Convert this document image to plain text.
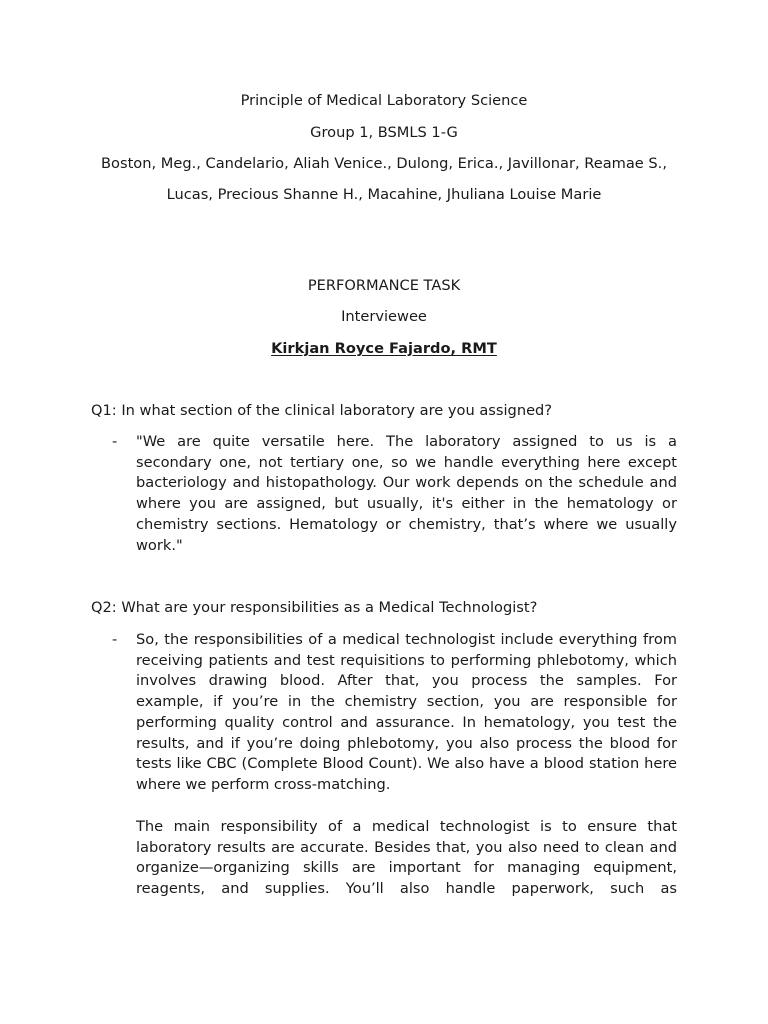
Principle of Medical Laboratory Science
Group 1, BSMLS 1-G
Boston, Meg., Candelario, Aliah Venice., Dulong, Erica., Javillonar, Reamae S.,
Lucas, Precious Shanne H., Macahine, Jhuliana Louise Marie
PERFORMANCE TASK
Interviewee
Kirkjan Royce Fajardo, RMT
Q1: In what section of the clinical laboratory are you assigned?
- "We are quite versatile here. The laboratory assigned to us is a secondary one, not tertiary one, so we handle everything here except bacteriology and histopathology. Our work depends on the schedule and where you are assigned, but usually, it's either in the hematology or chemistry sections. Hematology or chemistry, that’s where we usually work."
Q2: What are your responsibilities as a Medical Technologist?
- So, the responsibilities of a medical technologist include everything from receiving patients and test requisitions to performing phlebotomy, which involves drawing blood. After that, you process the samples. For example, if you’re in the chemistry section, you are responsible for performing quality control and assurance. In hematology, you test the results, and if you’re doing phlebotomy, you also process the blood for tests like CBC (Complete Blood Count). We also have a blood station here where we perform cross-matching.
The main responsibility of a medical technologist is to ensure that laboratory results are accurate. Besides that, you also need to clean and organize—organizing skills are important for managing equipment, reagents, and supplies. You’ll also handle paperwork, such as
